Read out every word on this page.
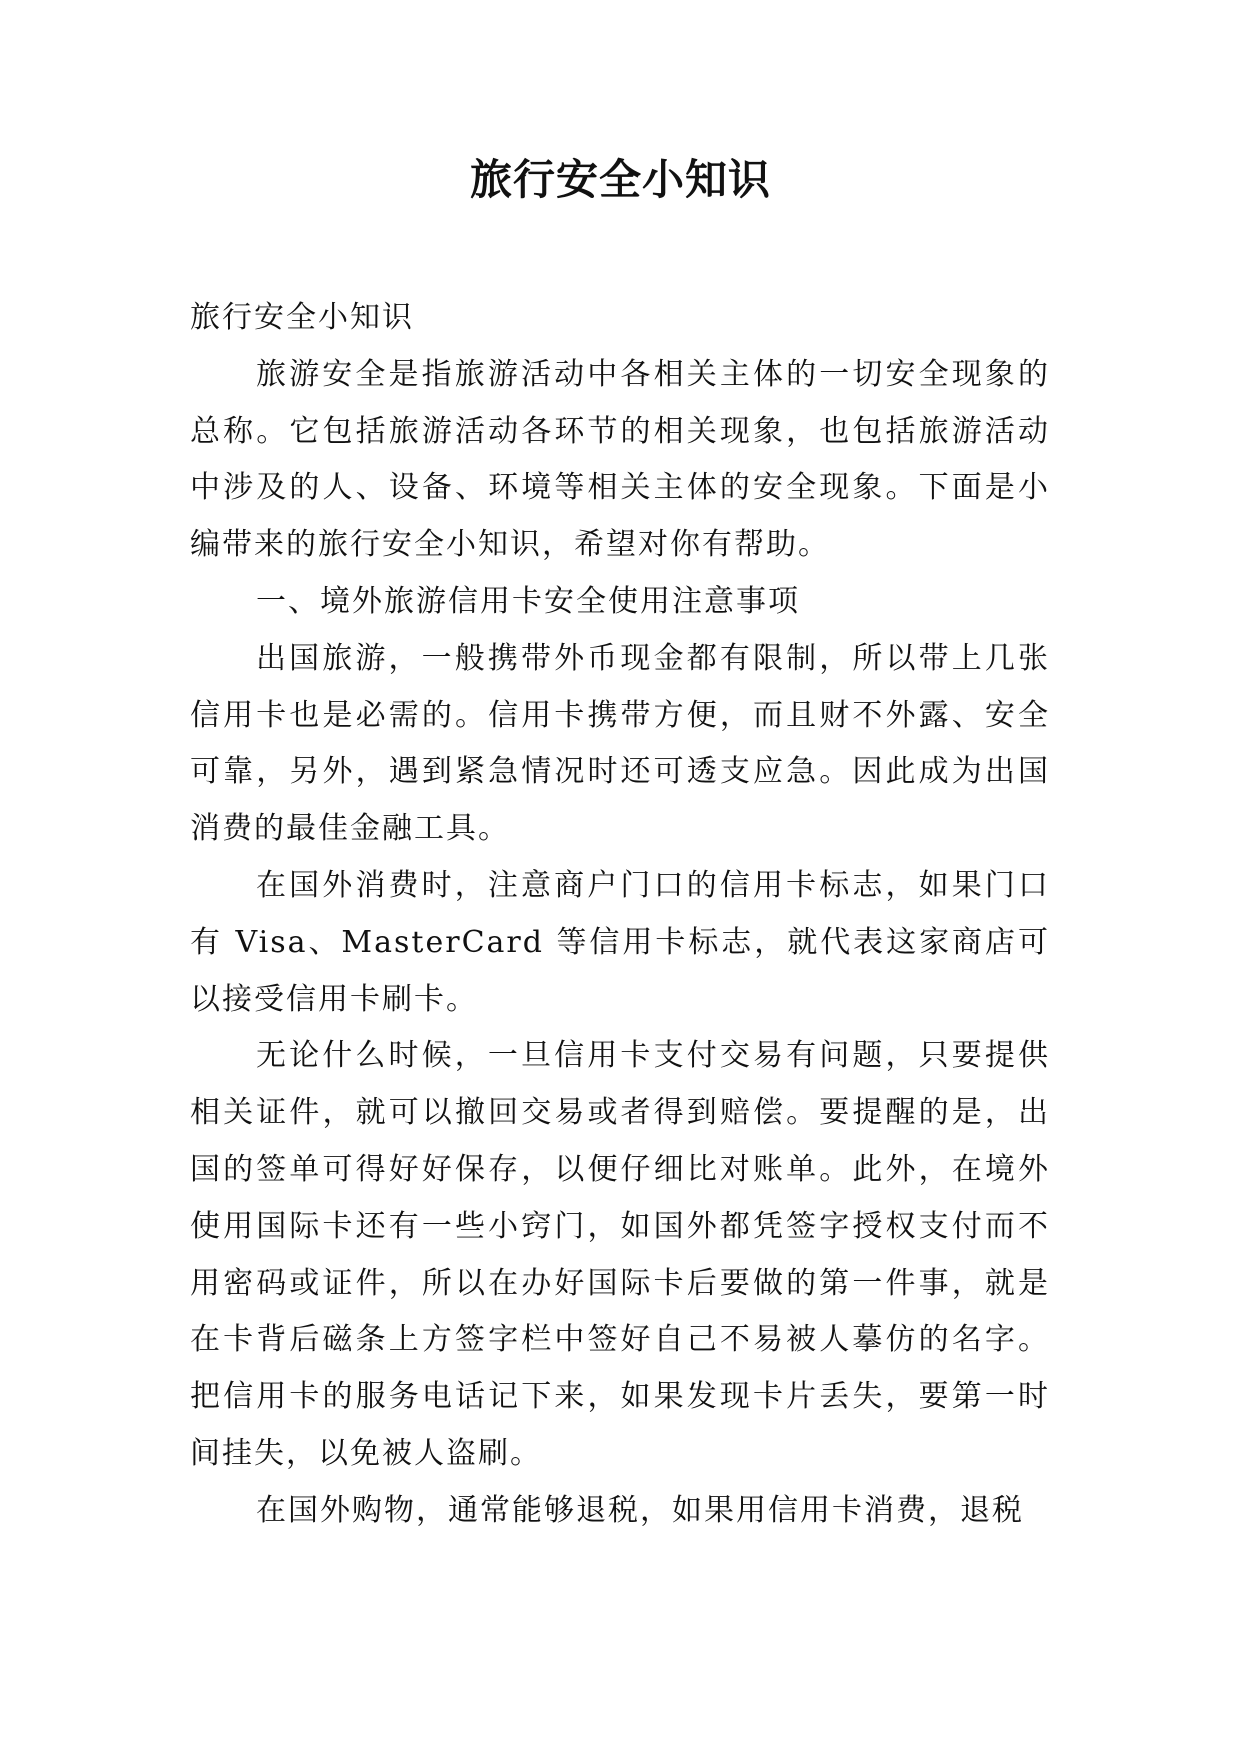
旅行安全小知识

旅行安全小知识

旅游安全是指旅游活动中各相关主体的一切安全现象的总称。它包括旅游活动各环节的相关现象，也包括旅游活动中涉及的人、设备、环境等相关主体的安全现象。下面是小编带来的旅行安全小知识，希望对你有帮助。

一、境外旅游信用卡安全使用注意事项

出国旅游，一般携带外币现金都有限制，所以带上几张信用卡也是必需的。信用卡携带方便，而且财不外露、安全可靠，另外，遇到紧急情况时还可透支应急。因此成为出国消费的最佳金融工具。

在国外消费时，注意商户门口的信用卡标志，如果门口有 Visa、MasterCard 等信用卡标志，就代表这家商店可以接受信用卡刷卡。

无论什么时候，一旦信用卡支付交易有问题，只要提供相关证件，就可以撤回交易或者得到赔偿。要提醒的是，出国的签单可得好好保存，以便仔细比对账单。此外，在境外使用国际卡还有一些小窍门，如国外都凭签字授权支付而不用密码或证件，所以在办好国际卡后要做的第一件事，就是在卡背后磁条上方签字栏中签好自己不易被人摹仿的名字。把信用卡的服务电话记下来，如果发现卡片丢失，要第一时间挂失，以免被人盗刷。

在国外购物，通常能够退税，如果用信用卡消费，退税
